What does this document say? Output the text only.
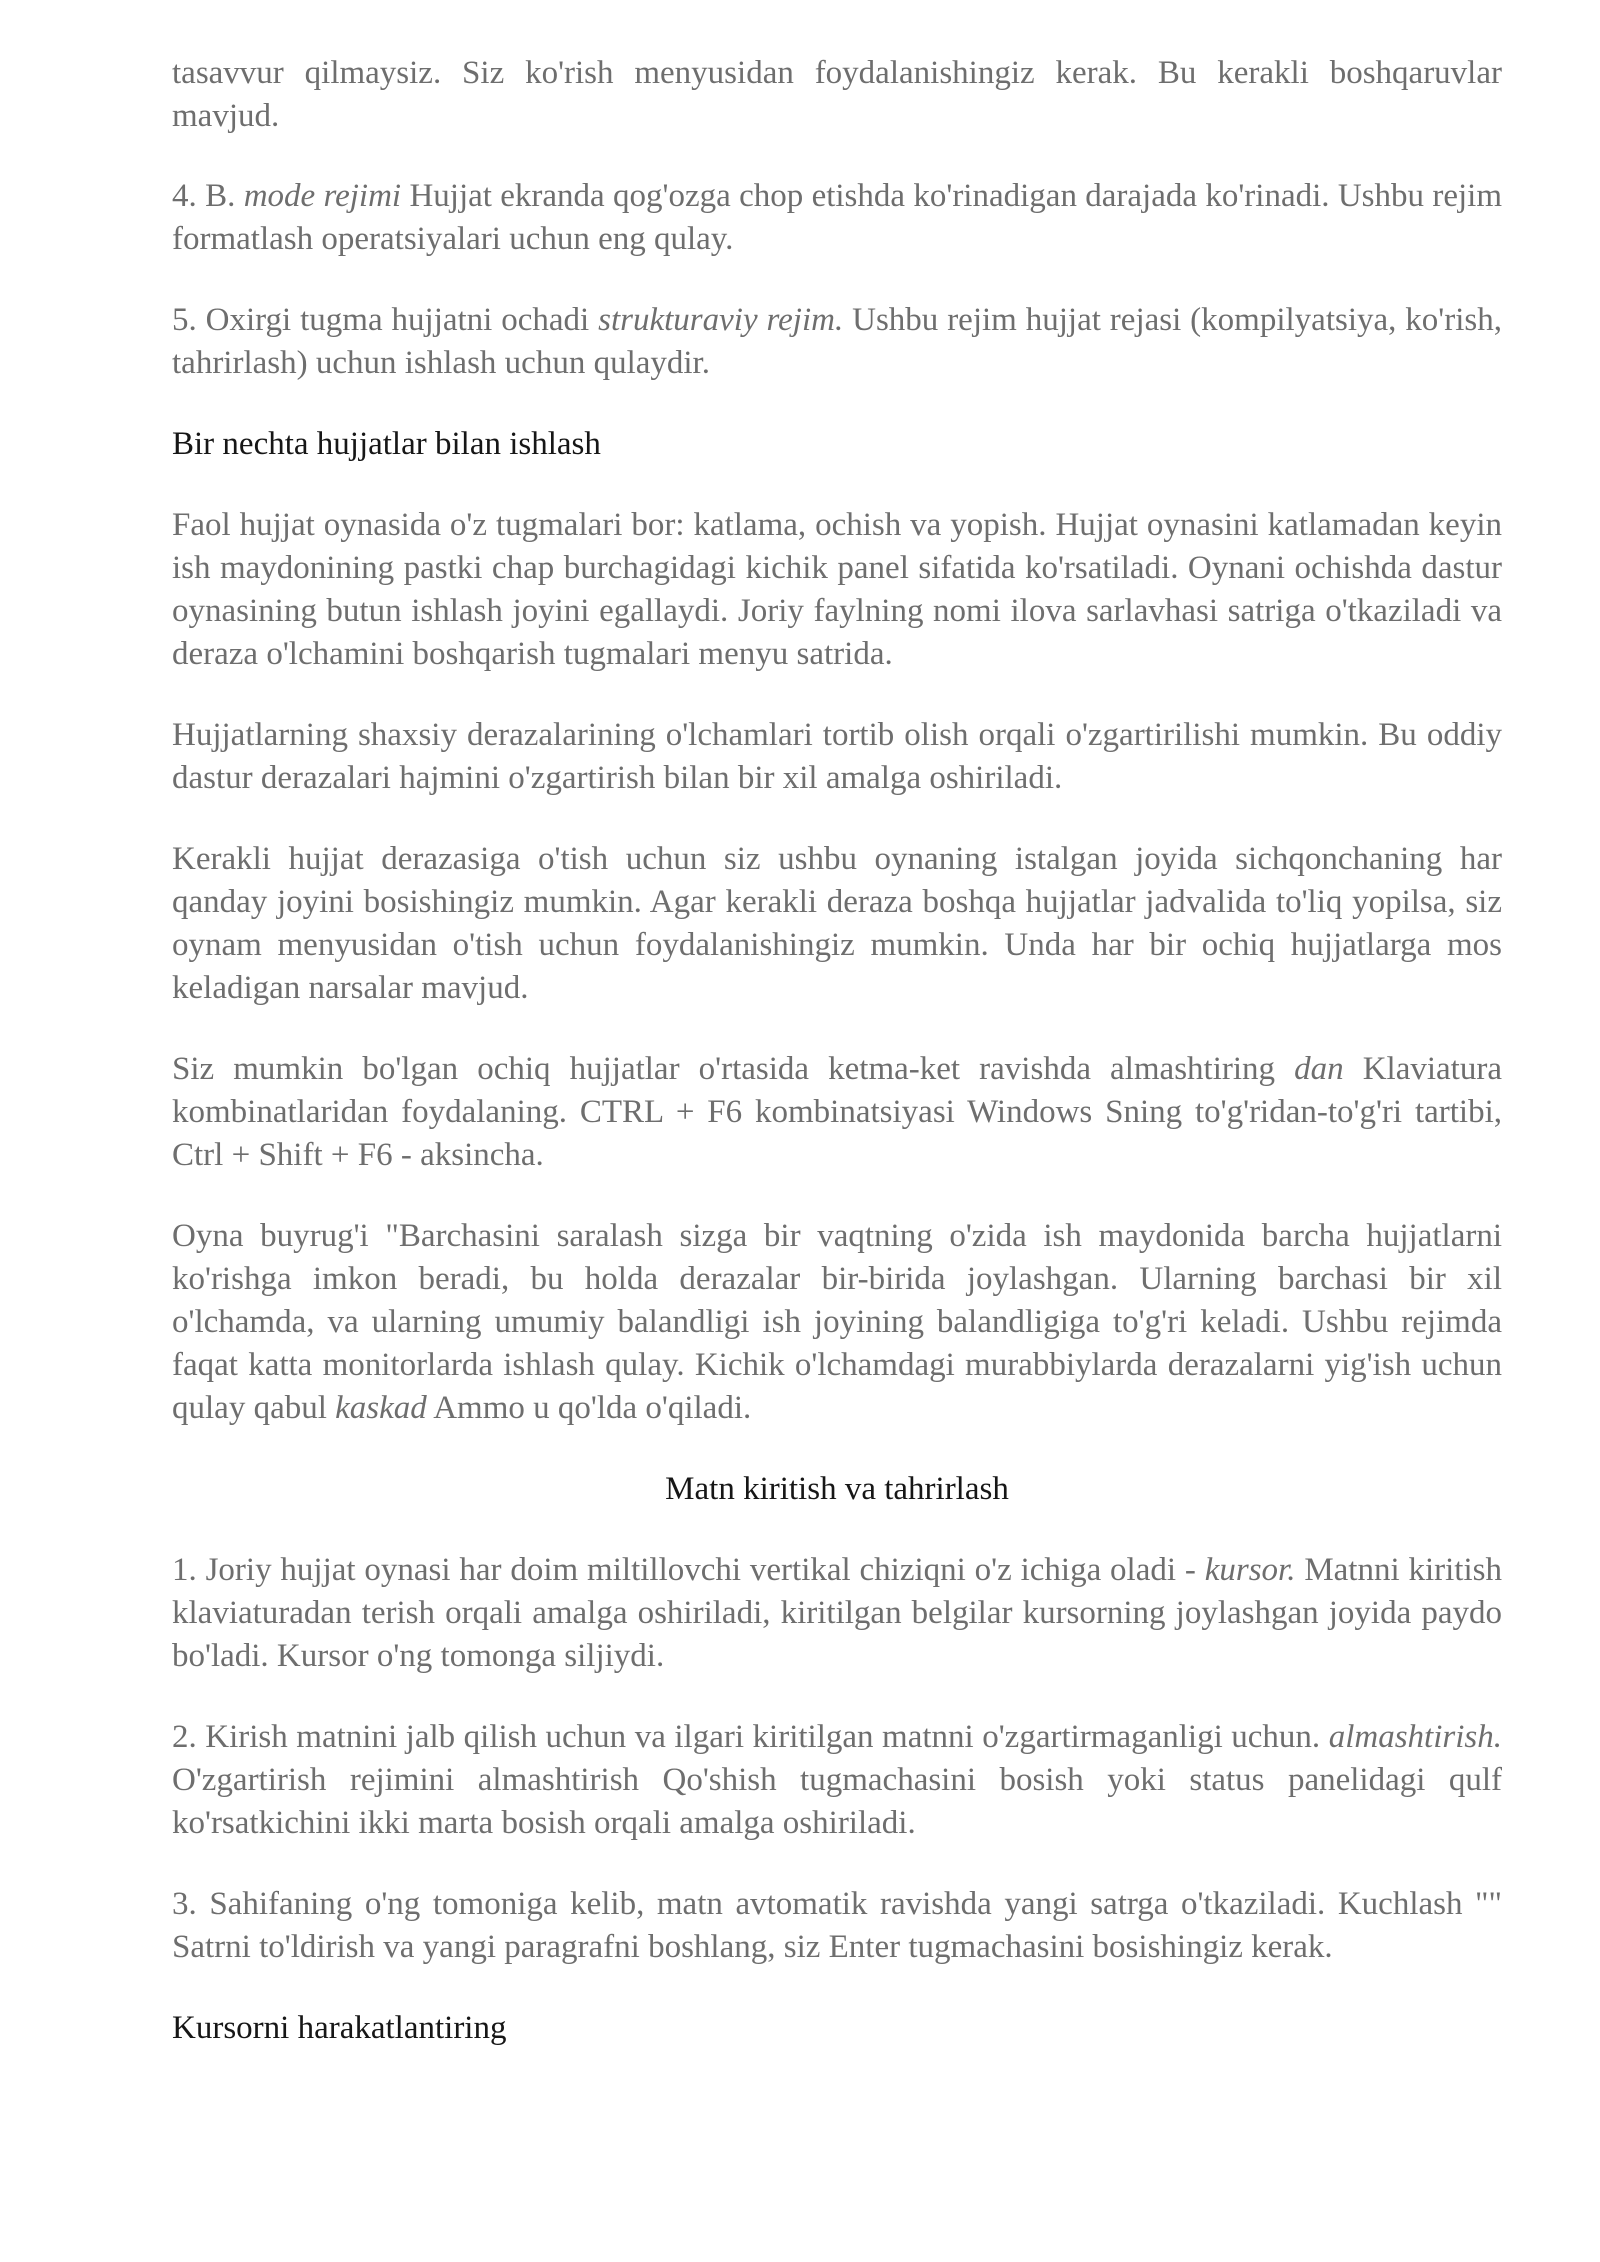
tasavvur qilmaysiz. Siz ko'rish menyusidan foydalanishingiz kerak. Bu kerakli boshqaruvlar mavjud.

4. B. mode rejimi Hujjat ekranda qog'ozga chop etishda ko'rinadigan darajada ko'rinadi. Ushbu rejim formatlash operatsiyalari uchun eng qulay.

5. Oxirgi tugma hujjatni ochadi strukturaviy rejim. Ushbu rejim hujjat rejasi (kompilyatsiya, ko'rish, tahrirlash) uchun ishlash uchun qulaydir.

Bir nechta hujjatlar bilan ishlash

Faol hujjat oynasida o'z tugmalari bor: katlama, ochish va yopish. Hujjat oynasini katlamadan keyin ish maydonining pastki chap burchagidagi kichik panel sifatida ko'rsatiladi. Oynani ochishda dastur oynasining butun ishlash joyini egallaydi. Joriy faylning nomi ilova sarlavhasi satriga o'tkaziladi va deraza o'lchamini boshqarish tugmalari menyu satrida.

Hujjatlarning shaxsiy derazalarining o'lchamlari tortib olish orqali o'zgartirilishi mumkin. Bu oddiy dastur derazalari hajmini o'zgartirish bilan bir xil amalga oshiriladi.

Kerakli hujjat derazasiga o'tish uchun siz ushbu oynaning istalgan joyida sichqonchaning har qanday joyini bosishingiz mumkin. Agar kerakli deraza boshqa hujjatlar jadvalida to'liq yopilsa, siz oynam menyusidan o'tish uchun foydalanishingiz mumkin. Unda har bir ochiq hujjatlarga mos keladigan narsalar mavjud.

Siz mumkin bo'lgan ochiq hujjatlar o'rtasida ketma-ket ravishda almashtiring dan Klaviatura kombinatlaridan foydalaning. CTRL + F6 kombinatsiyasi Windows Sning to'g'ridan-to'g'ri tartibi, Ctrl + Shift + F6 - aksincha.

Oyna buyrug'i "Barchasini saralash sizga bir vaqtning o'zida ish maydonida barcha hujjatlarni ko'rishga imkon beradi, bu holda derazalar bir-birida joylashgan. Ularning barchasi bir xil o'lchamda, va ularning umumiy balandligi ish joyining balandligiga to'g'ri keladi. Ushbu rejimda faqat katta monitorlarda ishlash qulay. Kichik o'lchamdagi murabbiylarda derazalarni yig'ish uchun qulay qabul kaskad Ammo u qo'lda o'qiladi.

Matn kiritish va tahrirlash

1. Joriy hujjat oynasi har doim miltillovchi vertikal chiziqni o'z ichiga oladi - kursor. Matnni kiritish klaviaturadan terish orqali amalga oshiriladi, kiritilgan belgilar kursorning joylashgan joyida paydo bo'ladi. Kursor o'ng tomonga siljiydi.

2. Kirish matnini jalb qilish uchun va ilgari kiritilgan matnni o'zgartirmaganligi uchun. almashtirish. O'zgartirish rejimini almashtirish Qo'shish tugmachasini bosish yoki status panelidagi qulf ko'rsatkichini ikki marta bosish orqali amalga oshiriladi.

3. Sahifaning o'ng tomoniga kelib, matn avtomatik ravishda yangi satrga o'tkaziladi. Kuchlash "" Satrni to'ldirish va yangi paragrafni boshlang, siz Enter tugmachasini bosishingiz kerak.

Kursorni harakatlantiring
